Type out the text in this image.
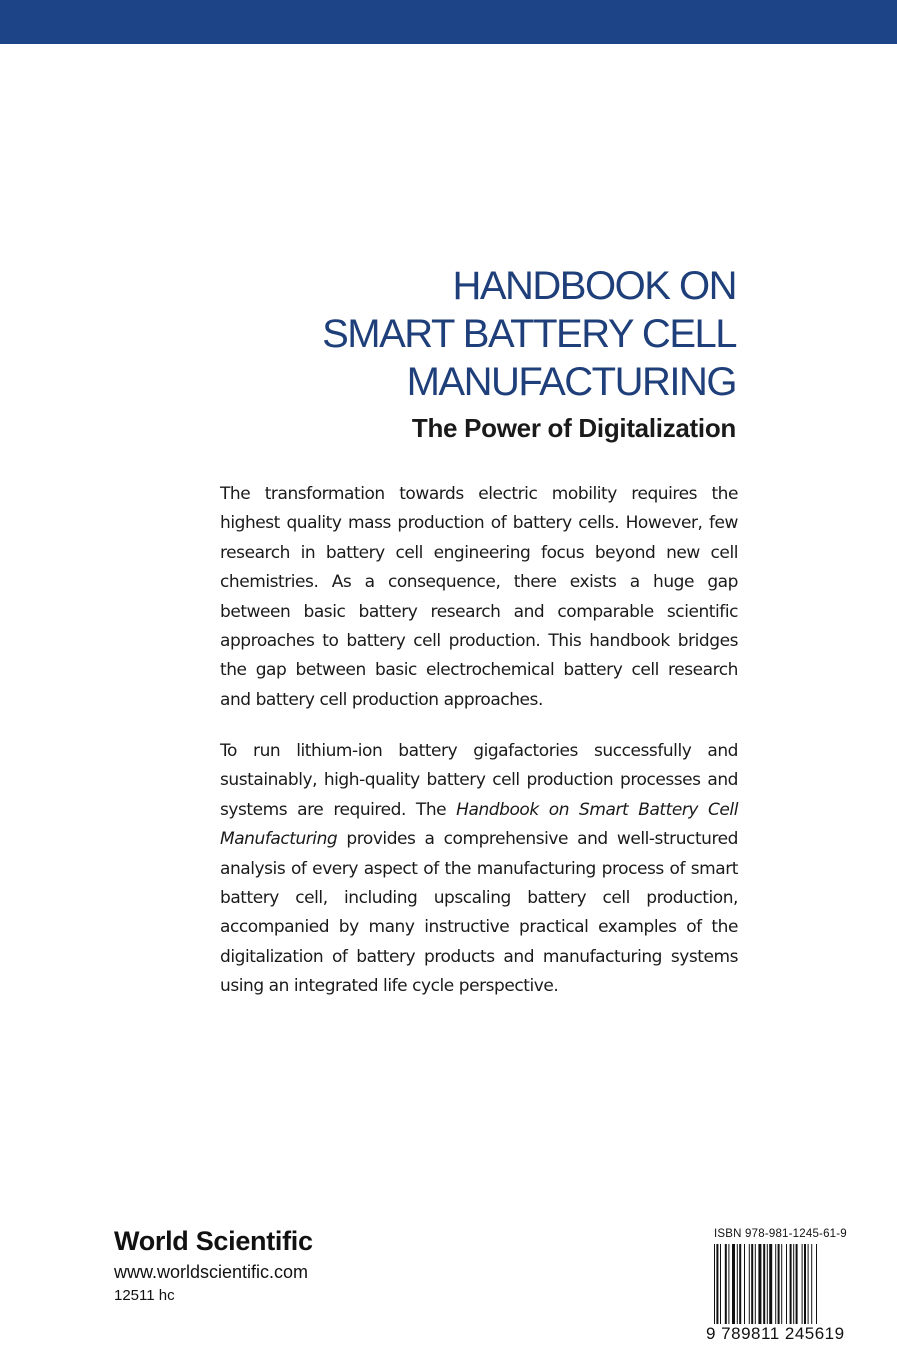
HANDBOOK ON
SMART BATTERY CELL
MANUFACTURING
The Power of Digitalization

The transformation towards electric mobility requires the highest quality mass production of battery cells. However, few research in battery cell engineering focus beyond new cell chemistries. As a consequence, there exists a huge gap between basic battery research and comparable scientific approaches to battery cell production. This handbook bridges the gap between basic electrochemical battery cell research and battery cell production approaches.

To run lithium-ion battery gigafactories successfully and sustainably, high-quality battery cell production processes and systems are required. The Handbook on Smart Battery Cell Manufacturing provides a comprehensive and well-structured analysis of every aspect of the manufacturing process of smart battery cell, including upscaling battery cell production, accompanied by many instructive practical examples of the digitalization of battery products and manufacturing systems using an integrated life cycle perspective.

World Scientific
www.worldscientific.com
12511 hc
ISBN 978-981-1245-61-9
9 789811 245619
